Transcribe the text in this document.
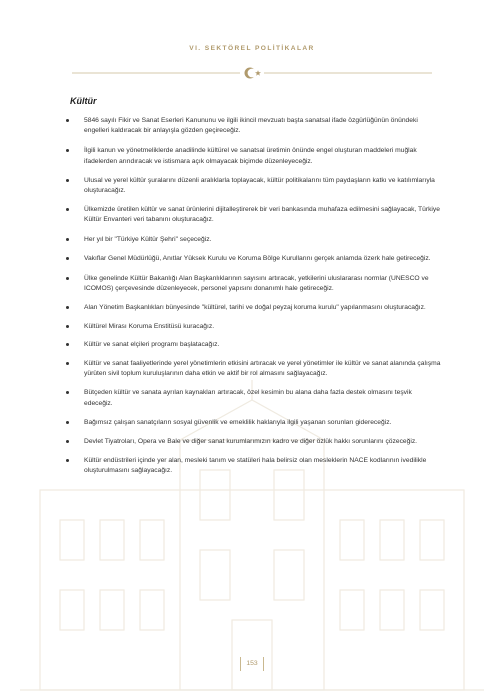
VI. SEKTÖREL POLİTİKALAR
Kültür
5846 sayılı Fikir ve Sanat Eserleri Kanununu ve ilgili ikincil mevzuatı başta sanatsal ifade özgürlüğünün önündeki engelleri kaldıracak bir anlayışla gözden geçireceğiz.
İlgili kanun ve yönetmeliklerde anadilinde kültürel ve sanatsal üretimin önünde engel oluşturan maddeleri muğlak ifadelerden arındıracak ve istismara açık olmayacak biçimde düzenleyeceğiz.
Ulusal ve yerel kültür şuralarını düzenli aralıklarla toplayacak, kültür politikalarını tüm paydaşların katkı ve katılımlarıyla oluşturacağız.
Ülkemizde üretilen kültür ve sanat ürünlerini dijitalleştirerek bir veri bankasında muhafaza edilmesini sağlayacak, Türkiye Kültür Envanteri veri tabanını oluşturacağız.
Her yıl bir "Türkiye Kültür Şehri" seçeceğiz.
Vakıflar Genel Müdürlüğü, Anıtlar Yüksek Kurulu ve Koruma Bölge Kurullarını gerçek anlamda özerk hale getireceğiz.
Ülke genelinde Kültür Bakanlığı Alan Başkanlıklarının sayısını artıracak, yetkilerini uluslararası normlar (UNESCO ve ICOMOS) çerçevesinde düzenleyecek, personel yapısını donanımlı hale getireceğiz.
Alan Yönetim Başkanlıkları bünyesinde "kültürel, tarihi ve doğal peyzaj koruma kurulu" yapılanmasını oluşturacağız.
Kültürel Mirası Koruma Enstitüsü kuracağız.
Kültür ve sanat elçileri programı başlatacağız.
Kültür ve sanat faaliyetlerinde yerel yönetimlerin etkisini artıracak ve yerel yönetimler ile kültür ve sanat alanında çalışma yürüten sivil toplum kuruluşlarının daha etkin ve aktif bir rol almasını sağlayacağız.
Bütçeden kültür ve sanata ayrılan kaynakları artıracak, özel kesimin bu alana daha fazla destek olmasını teşvik edeceğiz.
Bağımsız çalışan sanatçıların sosyal güvenlik ve emeklilik haklarıyla ilgili yaşanan sorunları gidereceğiz.
Devlet Tiyatroları, Opera ve Bale ve diğer sanat kurumlarımızın kadro ve diğer özlük hakkı sorunlarını çözeceğiz.
Kültür endüstrileri içinde yer alan, mesleki tanım ve statüleri hala belirsiz olan mesleklerin NACE kodlarının ivedilikle oluşturulmasını sağlayacağız.
153
